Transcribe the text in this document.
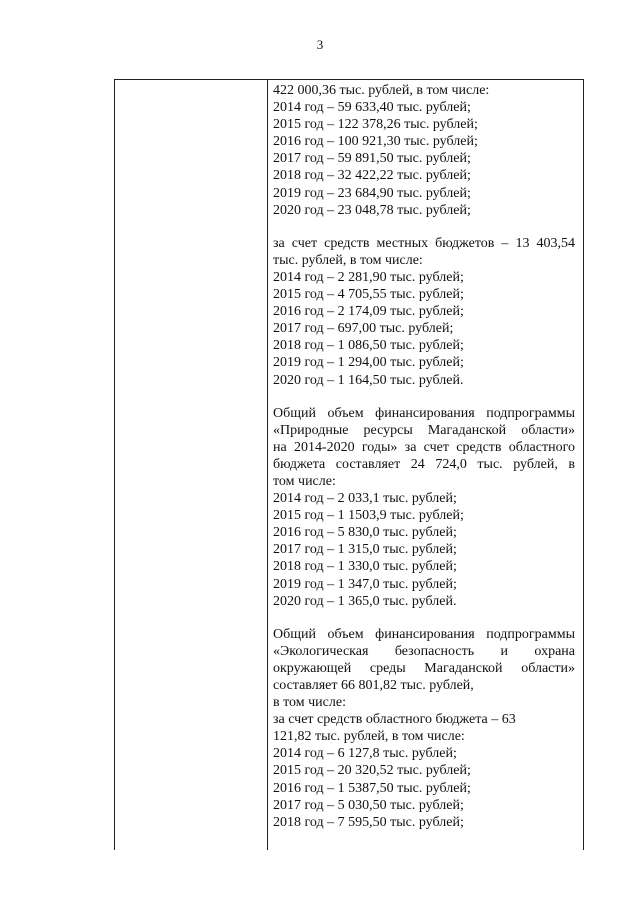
3
422 000,36 тыс. рублей, в том числе:
2014 год – 59 633,40 тыс. рублей;
2015 год – 122 378,26 тыс. рублей;
2016 год – 100 921,30 тыс. рублей;
2017 год – 59 891,50 тыс. рублей;
2018 год – 32 422,22 тыс. рублей;
2019 год – 23 684,90 тыс. рублей;
2020 год – 23 048,78 тыс. рублей;
за счет средств местных бюджетов – 13 403,54
тыс. рублей, в том числе:
2014 год – 2 281,90 тыс. рублей;
2015 год – 4 705,55 тыс. рублей;
2016 год – 2 174,09 тыс. рублей;
2017 год – 697,00 тыс. рублей;
2018 год – 1 086,50 тыс. рублей;
2019 год – 1 294,00 тыс. рублей;
2020 год – 1 164,50 тыс. рублей.
Общий объем финансирования подпрограммы
«Природные ресурсы Магаданской области»
на 2014-2020 годы» за счет средств областного
бюджета составляет 24 724,0 тыс. рублей, в
том числе:
2014 год – 2 033,1 тыс. рублей;
2015 год – 1 1503,9 тыс. рублей;
2016 год – 5 830,0 тыс. рублей;
2017 год – 1 315,0 тыс. рублей;
2018 год – 1 330,0 тыс. рублей;
2019 год – 1 347,0 тыс. рублей;
2020 год – 1 365,0 тыс. рублей.
Общий объем финансирования подпрограммы
«Экологическая безопасность и охрана
окружающей среды Магаданской области»
составляет 66 801,82 тыс. рублей,
в том числе:
за счет средств областного бюджета – 63
121,82 тыс. рублей, в том числе:
2014 год – 6 127,8 тыс. рублей;
2015 год – 20 320,52 тыс. рублей;
2016 год – 1 5387,50 тыс. рублей;
2017 год – 5 030,50 тыс. рублей;
2018 год – 7 595,50 тыс. рублей;
